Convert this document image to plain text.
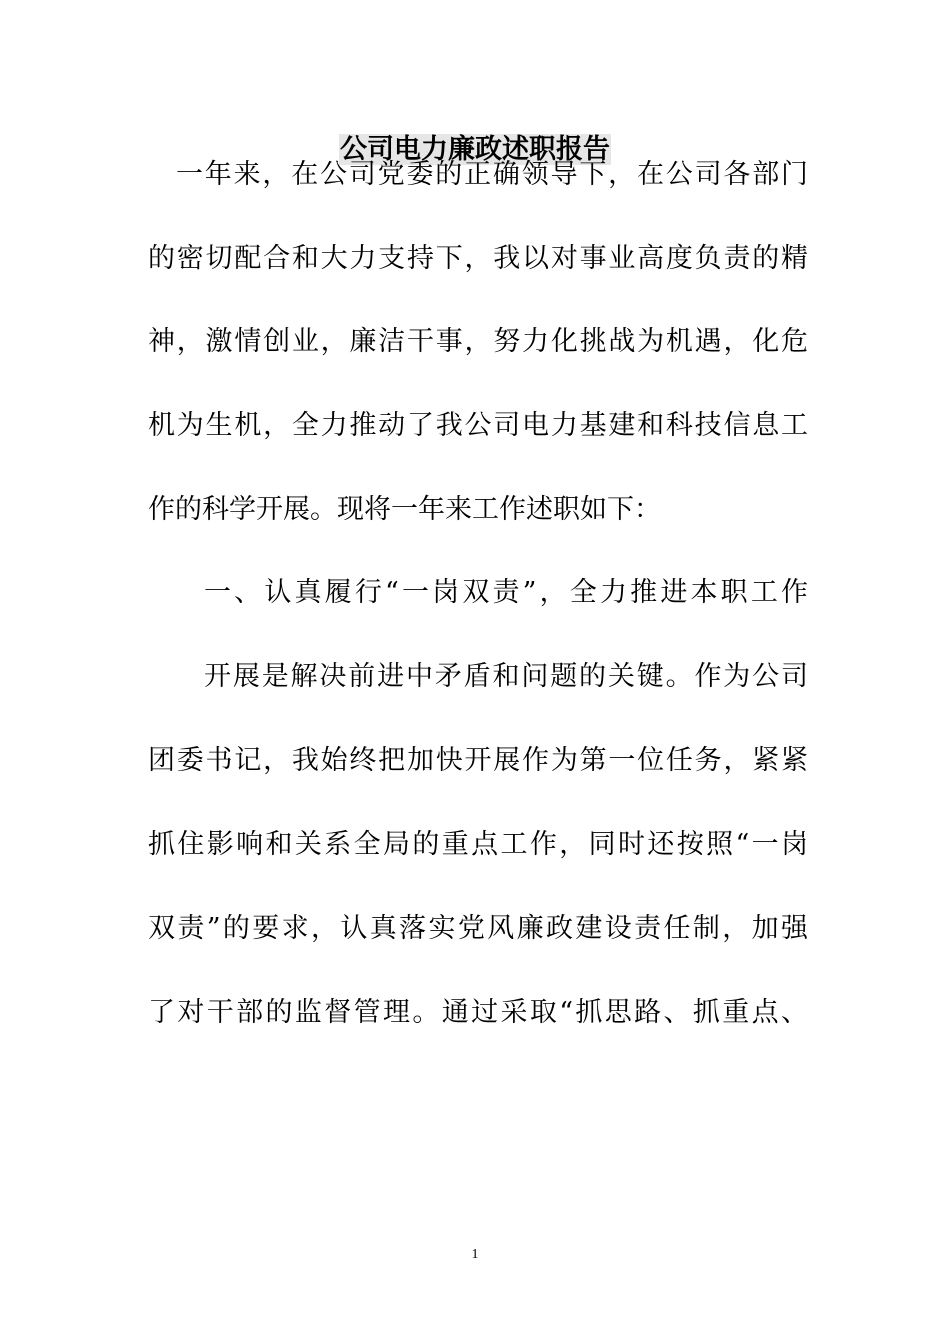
公司电力廉政述职报告
一年来，在公司党委的正确领导下，在公司各部门
的密切配合和大力支持下，我以对事业高度负责的精
神，激情创业，廉洁干事，努力化挑战为机遇，化危
机为生机，全力推动了我公司电力基建和科技信息工
作的科学开展。现将一年来工作述职如下：
一、认真履行“一岗双责”，全力推进本职工作
开展是解决前进中矛盾和问题的关键。作为公司
团委书记，我始终把加快开展作为第一位任务，紧紧
抓住影响和关系全局的重点工作，同时还按照“一岗
双责”的要求，认真落实党风廉政建设责任制，加强
了对干部的监督管理。通过采取“抓思路、抓重点、
1
